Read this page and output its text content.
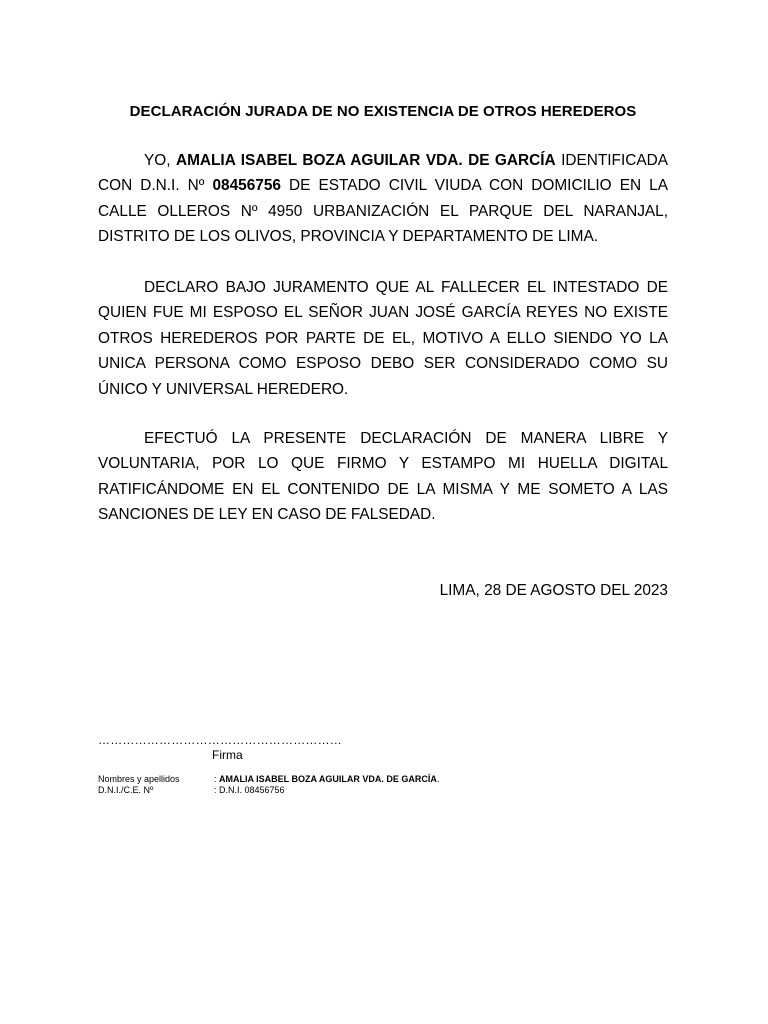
DECLARACIÓN JURADA DE NO EXISTENCIA DE OTROS HEREDEROS
YO, AMALIA ISABEL BOZA AGUILAR VDA. DE GARCÍA IDENTIFICADA CON D.N.I. Nº 08456756 DE ESTADO CIVIL VIUDA CON DOMICILIO EN LA CALLE OLLEROS Nº 4950 URBANIZACIÓN EL PARQUE DEL NARANJAL, DISTRITO DE LOS OLIVOS, PROVINCIA Y DEPARTAMENTO DE LIMA.
DECLARO BAJO JURAMENTO QUE AL FALLECER EL INTESTADO DE QUIEN FUE MI ESPOSO EL SEÑOR JUAN JOSÉ GARCÍA REYES NO EXISTE OTROS HEREDEROS POR PARTE DE EL, MOTIVO A ELLO SIENDO YO LA UNICA PERSONA COMO ESPOSO DEBO SER CONSIDERADO COMO SU ÚNICO Y UNIVERSAL HEREDERO.
EFECTUÓ LA PRESENTE DECLARACIÓN DE MANERA LIBRE Y VOLUNTARIA, POR LO QUE FIRMO Y ESTAMPO MI HUELLA DIGITAL RATIFICÁNDOME EN EL CONTENIDO DE LA MISMA Y ME SOMETO A LAS SANCIONES DE LEY EN CASO DE FALSEDAD.
LIMA, 28 DE AGOSTO DEL 2023
……………………………………………………
Firma
Nombres y apellidos	: AMALIA ISABEL BOZA AGUILAR VDA. DE GARCÍA.
D.N.I./C.E. Nº	: D.N.I. 08456756
